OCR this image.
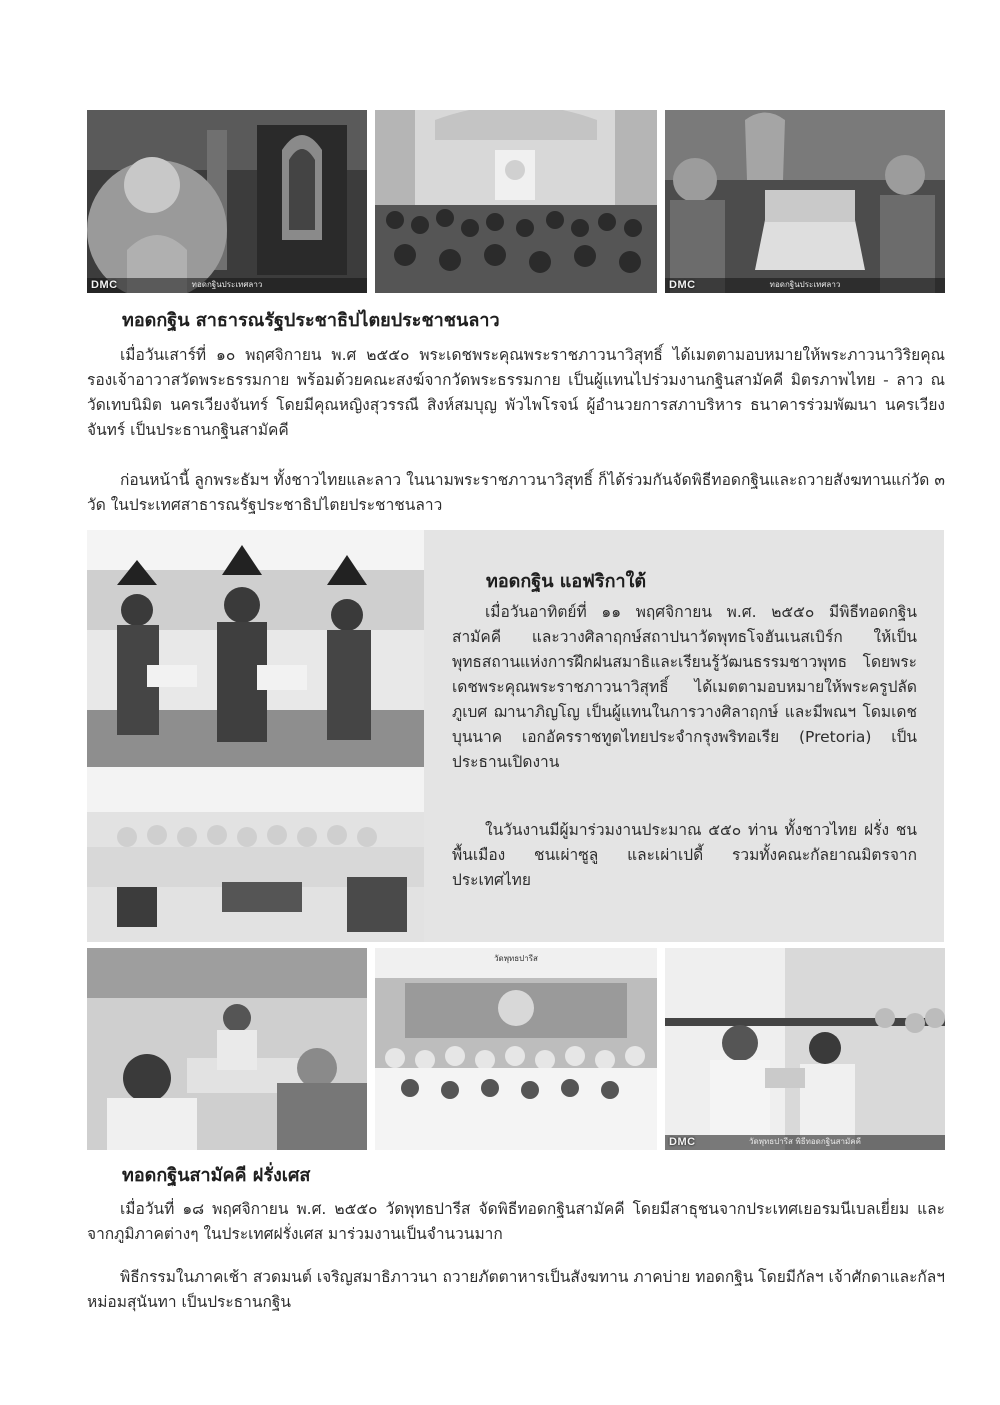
DMC	ทอดกฐินประเทศลาว	DMC	ทอดกฐินประเทศลาว
ทอดกฐิน สาธารณรัฐประชาธิปไตยประชาชนลาว

เมื่อวันเสาร์ที่ ๑๐ พฤศจิกายน พ.ศ ๒๕๕๐ พระเดชพระคุณพระราชภาวนาวิสุทธิ์ ได้เมตตามอบหมายให้พระภาวนาวิริยคุณ รองเจ้าอาวาสวัดพระธรรมกาย พร้อมด้วยคณะสงฆ์จากวัดพระธรรมกาย เป็นผู้แทนไปร่วมงานกฐินสามัคคี มิตรภาพไทย - ลาว ณ วัดเทบนิมิต นครเวียงจันทร์ โดยมีคุณหญิงสุวรรณี สิงห์สมบุญ พัวไพโรจน์ ผู้อำนวยการสภาบริหาร ธนาคารร่วมพัฒนา นครเวียงจันทร์ เป็นประธานกฐินสามัคคี

ก่อนหน้านี้ ลูกพระธัมฯ ทั้งชาวไทยและลาว ในนามพระราชภาวนาวิสุทธิ์ ก็ได้ร่วมกันจัดพิธีทอดกฐินและถวายสังฆทานแก่วัด ๓ วัด ในประเทศสาธารณรัฐประชาธิปไตยประชาชนลาว

ทอดกฐิน แอฟริกาใต้

เมื่อวันอาทิตย์ที่ ๑๑ พฤศจิกายน พ.ศ. ๒๕๕๐ มีพิธีทอดกฐินสามัคคี และวางศิลาฤกษ์สถาปนาวัดพุทธโจฮันเนสเบิร์ก ให้เป็นพุทธสถานแห่งการฝึกฝนสมาธิและเรียนรู้วัฒนธรรมชาวพุทธ โดยพระเดชพระคุณพระราชภาวนาวิสุทธิ์ ได้เมตตามอบหมายให้พระครูปลัดภูเบศ ฌานาภิญโญ เป็นผู้แทนในการวางศิลาฤกษ์ และมีพณฯ โดมเดช บุนนาค เอกอัครราชทูตไทยประจำกรุงพริทอเรีย (Pretoria) เป็นประธานเปิดงาน

ในวันงานมีผู้มาร่วมงานประมาณ ๕๕๐ ท่าน ทั้งชาวไทย ฝรั่ง ชนพื้นเมือง ชนเผ่าซูลู และเผ่าเปดี้ รวมทั้งคณะกัลยาณมิตรจากประเทศไทย

วัดพุทธปารีส
DMC	วัดพุทธปารีส พิธีทอดกฐินสามัคคี
ทอดกฐินสามัคคี ฝรั่งเศส

เมื่อวันที่ ๑๘ พฤศจิกายน พ.ศ. ๒๕๕๐ วัดพุทธปารีส จัดพิธีทอดกฐินสามัคคี โดยมีสาธุชนจากประเทศเยอรมนีเบลเยี่ยม และจากภูมิภาคต่างๆ ในประเทศฝรั่งเศส มาร่วมงานเป็นจำนวนมาก

พิธีกรรมในภาคเช้า สวดมนต์ เจริญสมาธิภาวนา ถวายภัตตาหารเป็นสังฆทาน ภาคบ่าย ทอดกฐิน โดยมีกัลฯ เจ้าศักดาและกัลฯ หม่อมสุนันทา เป็นประธานกฐิน
